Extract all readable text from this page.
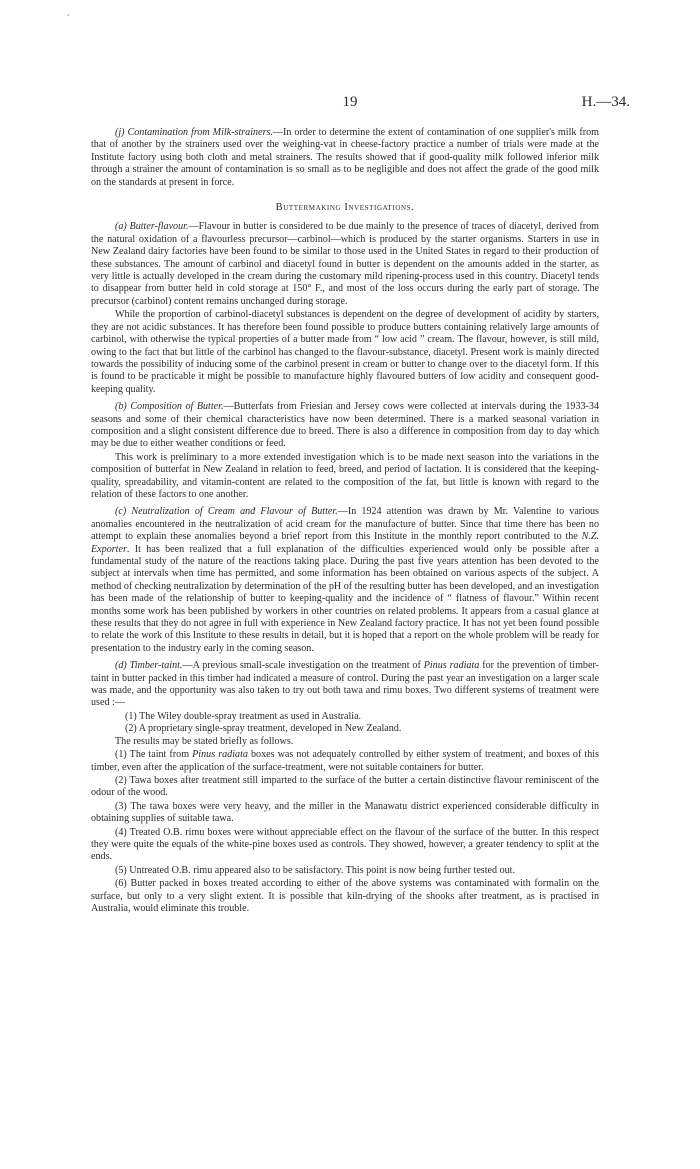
ˇ
19	H.—34.

(j) Contamination from Milk-strainers.—In order to determine the extent of contamination of one supplier's milk from that of another by the strainers used over the weighing-vat in cheese-factory practice a number of trials were made at the Institute factory using both cloth and metal strainers. The results showed that if good-quality milk followed inferior milk through a strainer the amount of contamination is so small as to be negligible and does not affect the grade of the good milk on the standards at present in force.

Buttermaking Investigations.

(a) Butter-flavour.—Flavour in butter is considered to be due mainly to the presence of traces of diacetyl, derived from the natural oxidation of a flavourless precursor—carbinol—which is produced by the starter organisms. Starters in use in New Zealand dairy factories have been found to be similar to those used in the United States in regard to their production of these substances. The amount of carbinol and diacetyl found in butter is dependent on the amounts added in the starter, as very little is actually developed in the cream during the customary mild ripening-process used in this country. Diacetyl tends to disappear from butter held in cold storage at 150° F., and most of the loss occurs during the early part of storage. The precursor (carbinol) content remains unchanged during storage.

While the proportion of carbinol-diacetyl substances is dependent on the degree of development of acidity by starters, they are not acidic substances. It has therefore been found possible to produce butters containing relatively large amounts of carbinol, with otherwise the typical properties of a butter made from “ low acid ” cream. The flavour, however, is still mild, owing to the fact that but little of the carbinol has changed to the flavour-substance, diacetyl. Present work is mainly directed towards the possibility of inducing some of the carbinol present in cream or butter to change over to the diacetyl form. If this is found to be practicable it might be possible to manufacture highly flavoured butters of low acidity and consequent good-keeping quality.

(b) Composition of Butter.—Butterfats from Friesian and Jersey cows were collected at intervals during the 1933-34 seasons and some of their chemical characteristics have now been determined. There is a marked seasonal variation in composition and a slight consistent difference due to breed. There is also a difference in composition from day to day which may be due to either weather conditions or feed.

This work is preliminary to a more extended investigation which is to be made next season into the variations in the composition of butterfat in New Zealand in relation to feed, breed, and period of lactation. It is considered that the keeping-quality, spreadability, and vitamin-content are related to the composition of the fat, but little is known with regard to the relation of these factors to one another.

(c) Neutralization of Cream and Flavour of Butter.—In 1924 attention was drawn by Mr. Valentine to various anomalies encountered in the neutralization of acid cream for the manufacture of butter. Since that time there has been no attempt to explain these anomalies beyond a brief report from this Institute in the monthly report contributed to the N.Z. Exporter. It has been realized that a full explanation of the difficulties experienced would only be possible after a fundamental study of the nature of the reactions taking place. During the past five years attention has been devoted to the subject at intervals when time has permitted, and some information has been obtained on various aspects of the subject. A method of checking neutralization by determination of the pH of the resulting butter has been developed, and an investigation has been made of the relationship of butter to keeping-quality and the incidence of “ flatness of flavour.” Within recent months some work has been published by workers in other countries on related problems. It appears from a casual glance at these results that they do not agree in full with experience in New Zealand factory practice. It has not yet been found possible to relate the work of this Institute to these results in detail, but it is hoped that a report on the whole problem will be ready for presentation to the industry early in the coming season.

(d) Timber-taint.—A previous small-scale investigation on the treatment of Pinus radiata for the prevention of timber-taint in butter packed in this timber had indicated a measure of control. During the past year an investigation on a larger scale was made, and the opportunity was also taken to try out both tawa and rimu boxes. Two different systems of treatment were used :—

(1) The Wiley double-spray treatment as used in Australia.

(2) A proprietary single-spray treatment, developed in New Zealand.

The results may be stated briefly as follows.

(1) The taint from Pinus radiata boxes was not adequately controlled by either system of treatment, and boxes of this timber, even after the application of the surface-treatment, were not suitable containers for butter.

(2) Tawa boxes after treatment still imparted to the surface of the butter a certain distinctive flavour reminiscent of the odour of the wood.

(3) The tawa boxes were very heavy, and the miller in the Manawatu district experienced considerable difficulty in obtaining supplies of suitable tawa.

(4) Treated O.B. rimu boxes were without appreciable effect on the flavour of the surface of the butter. In this respect they were quite the equals of the white-pine boxes used as controls. They showed, however, a greater tendency to split at the ends.

(5) Untreated O.B. rimu appeared also to be satisfactory. This point is now being further tested out.

(6) Butter packed in boxes treated according to either of the above systems was contaminated with formalin on the surface, but only to a very slight extent. It is possible that kiln-drying of the shooks after treatment, as is practised in Australia, would eliminate this trouble.
